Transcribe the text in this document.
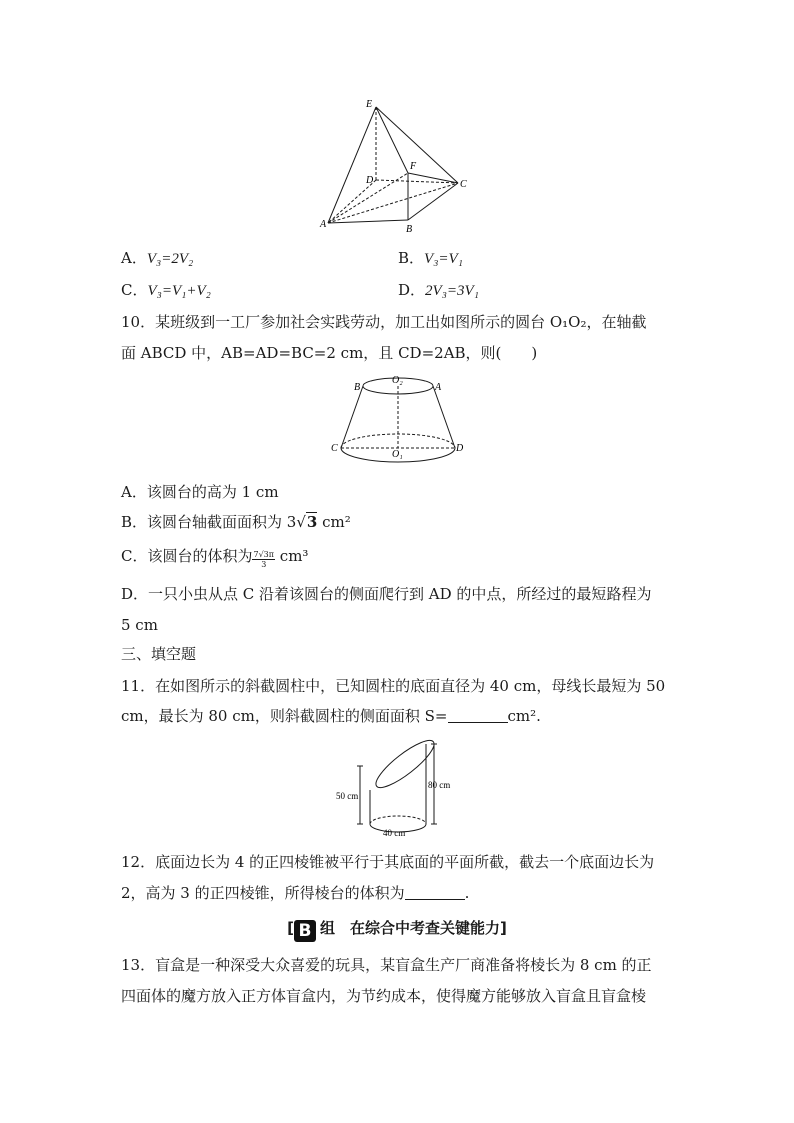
E
F
D	C
A	B
A．V₃=2V₂	B．V₃=V₁
C．V₃=V₁+V₂	D．2V₃=3V₁
10．某班级到一工厂参加社会实践劳动，加工出如图所示的圆台 O₁O₂，在轴截
面 ABCD 中，AB=AD=BC=2 cm，且 CD=2AB，则(　　)
B
O₂
A
C
O₁
D
A．该圆台的高为 1 cm
B．该圆台轴截面面积为 3√3 cm²
C．该圆台的体积为 $\frac{7√3\pi}{3} cm^3$
D．一只小虫从点 C 沿着该圆台的侧面爬行到 AD 的中点，所经过的最短路程为
5 cm
三、填空题
11．在如图所示的斜截圆柱中，已知圆柱的底面直径为 40 cm，母线长最短为 50
cm，最长为 80 cm，则斜截圆柱的侧面面积 S=	cm².
50 cm
80 cm
40 cm
12．底面边长为 4 的正四棱锥被平行于其底面的平面所截，截去一个底面边长为
2，高为 3 的正四棱锥，所得棱台的体积为	.
[ B 组　在综合中考查关键能力]
13．盲盒是一种深受大众喜爱的玩具，某盲盒生产厂商准备将棱长为 8 cm 的正
四面体的魔方放入正方体盲盒内，为节约成本，使得魔方能够放入盲盒且盲盒棱
